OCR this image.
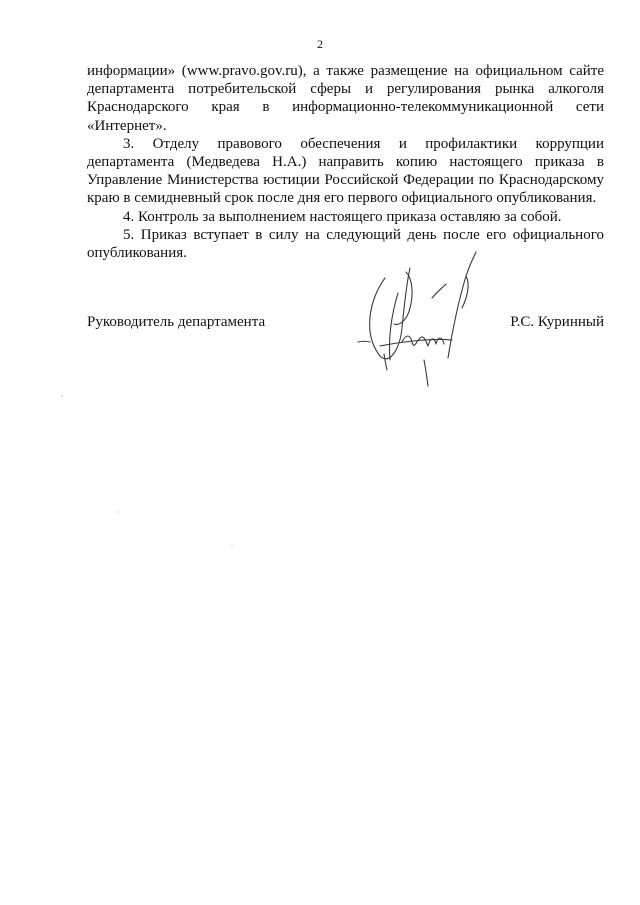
2

информации» (www.pravo.gov.ru), а также размещение на официальном сайте департамента потребительской сферы и регулирования рынка алкоголя Краснодарского края в информационно-телекоммуникационной сети «Интернет».

3. Отделу правового обеспечения и профилактики коррупции департамента (Медведева Н.А.) направить копию настоящего приказа в Управление Министерства юстиции Российской Федерации по Краснодарскому краю в семидневный срок после дня его первого официального опубликования.

4. Контроль за выполнением настоящего приказа оставляю за собой.

5. Приказ вступает в силу на следующий день после его официального опубликования.

Руководитель департамента	Р.С. Куринный
